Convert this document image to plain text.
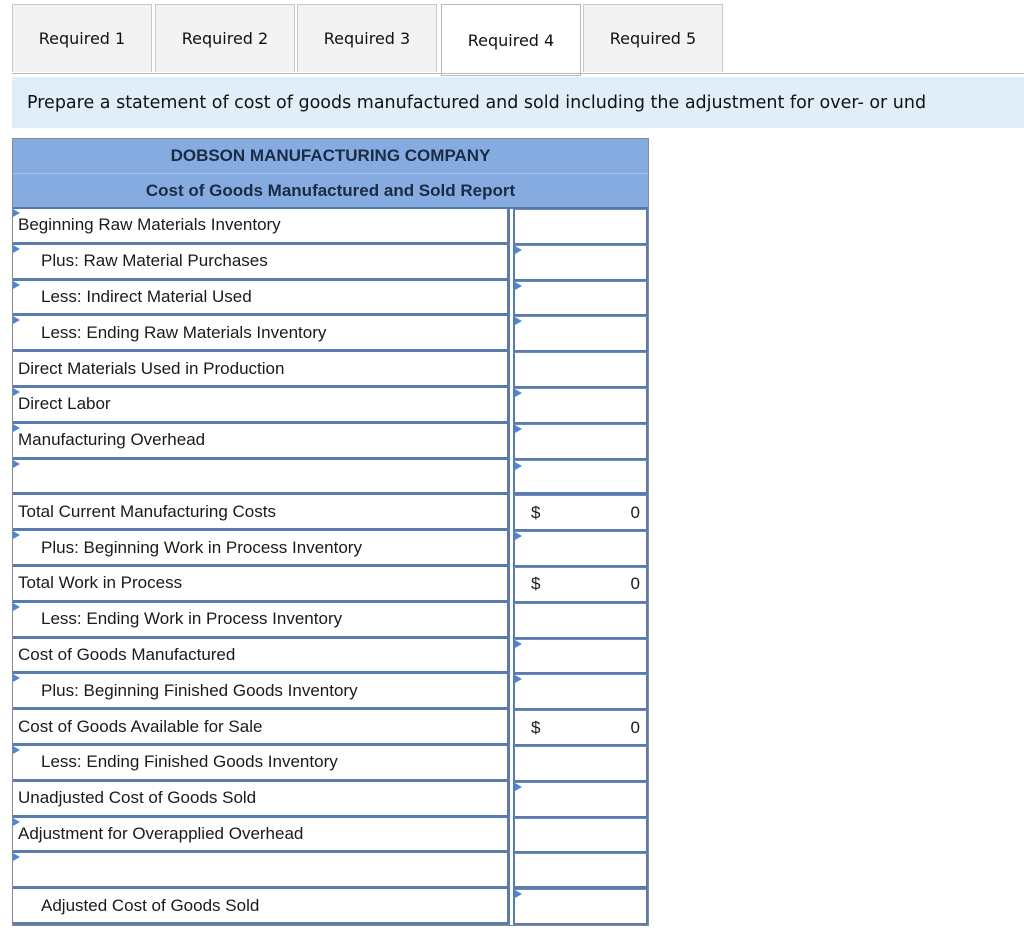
Required 1	Required 2	Required 3	Required 4	Required 5
Prepare a statement of cost of goods manufactured and sold including the adjustment for over- or und
DOBSON MANUFACTURING COMPANY
Cost of Goods Manufactured and Sold Report
Beginning Raw Materials Inventory
Plus: Raw Material Purchases
Less: Indirect Material Used
Less: Ending Raw Materials Inventory
Direct Materials Used in Production
Direct Labor
Manufacturing Overhead
Total Current Manufacturing Costs	$	0
Plus: Beginning Work in Process Inventory
Total Work in Process	$	0
Less: Ending Work in Process Inventory
Cost of Goods Manufactured
Plus: Beginning Finished Goods Inventory
Cost of Goods Available for Sale	$	0
Less: Ending Finished Goods Inventory
Unadjusted Cost of Goods Sold
Adjustment for Overapplied Overhead
Adjusted Cost of Goods Sold
